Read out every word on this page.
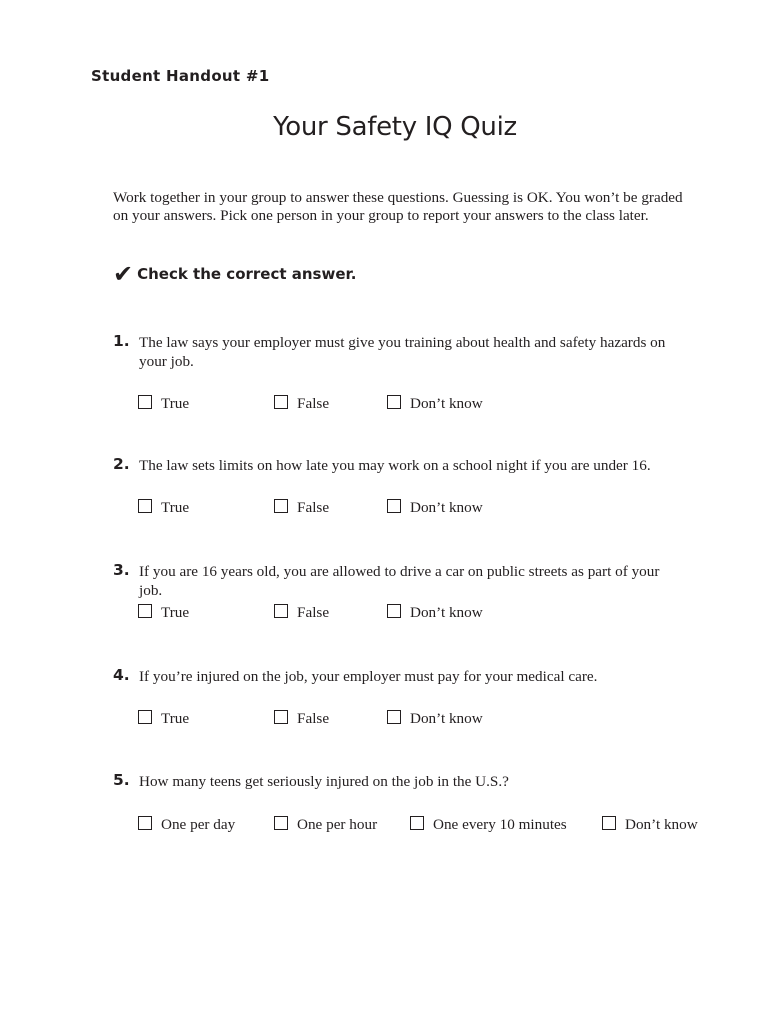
Student Handout #1
Your Safety IQ Quiz
Work together in your group to answer these questions. Guessing is OK. You won’t be graded on your answers. Pick one person in your group to report your answers to the class later.
✔ Check the correct answer.
1. The law says your employer must give you training about health and safety hazards on your job.
True	False	Don’t know
2. The law sets limits on how late you may work on a school night if you are under 16.
True	False	Don’t know
3. If you are 16 years old, you are allowed to drive a car on public streets as part of your job.
True	False	Don’t know
4. If you’re injured on the job, your employer must pay for your medical care.
True	False	Don’t know
5. How many teens get seriously injured on the job in the U.S.?
One per day	One per hour	One every 10 minutes	Don’t know
